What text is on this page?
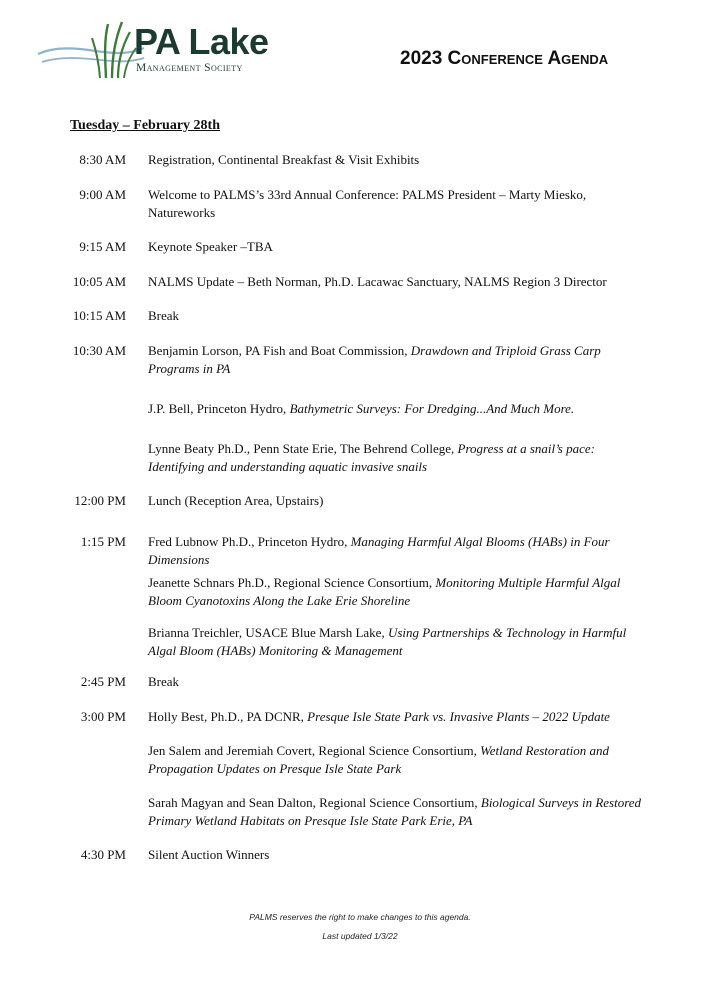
PA Lake
Management Society	2023 Conference Agenda
Tuesday – February 28th
8:30 AM Registration, Continental Breakfast & Visit Exhibits
9:00 AM Welcome to PALMS’s 33rd Annual Conference: PALMS President – Marty Miesko, Natureworks
9:15 AM Keynote Speaker –TBA
10:05 AM NALMS Update – Beth Norman, Ph.D. Lacawac Sanctuary, NALMS Region 3 Director
10:15 AM Break
10:30 AM Benjamin Lorson, PA Fish and Boat Commission, Drawdown and Triploid Grass Carp Programs in PA
J.P. Bell, Princeton Hydro, Bathymetric Surveys: For Dredging...And Much More.
Lynne Beaty Ph.D., Penn State Erie, The Behrend College, Progress at a snail’s pace: Identifying and understanding aquatic invasive snails
12:00 PM Lunch (Reception Area, Upstairs)
1:15 PM Fred Lubnow Ph.D., Princeton Hydro, Managing Harmful Algal Blooms (HABs) in Four Dimensions
Jeanette Schnars Ph.D., Regional Science Consortium, Monitoring Multiple Harmful Algal Bloom Cyanotoxins Along the Lake Erie Shoreline
Brianna Treichler, USACE Blue Marsh Lake, Using Partnerships & Technology in Harmful Algal Bloom (HABs) Monitoring & Management
2:45 PM Break
3:00 PM Holly Best, Ph.D., PA DCNR, Presque Isle State Park vs. Invasive Plants – 2022 Update
Jen Salem and Jeremiah Covert, Regional Science Consortium, Wetland Restoration and Propagation Updates on Presque Isle State Park
Sarah Magyan and Sean Dalton, Regional Science Consortium, Biological Surveys in Restored Primary Wetland Habitats on Presque Isle State Park Erie, PA
4:30 PM Silent Auction Winners
PALMS reserves the right to make changes to this agenda.
Last updated 1/3/22
